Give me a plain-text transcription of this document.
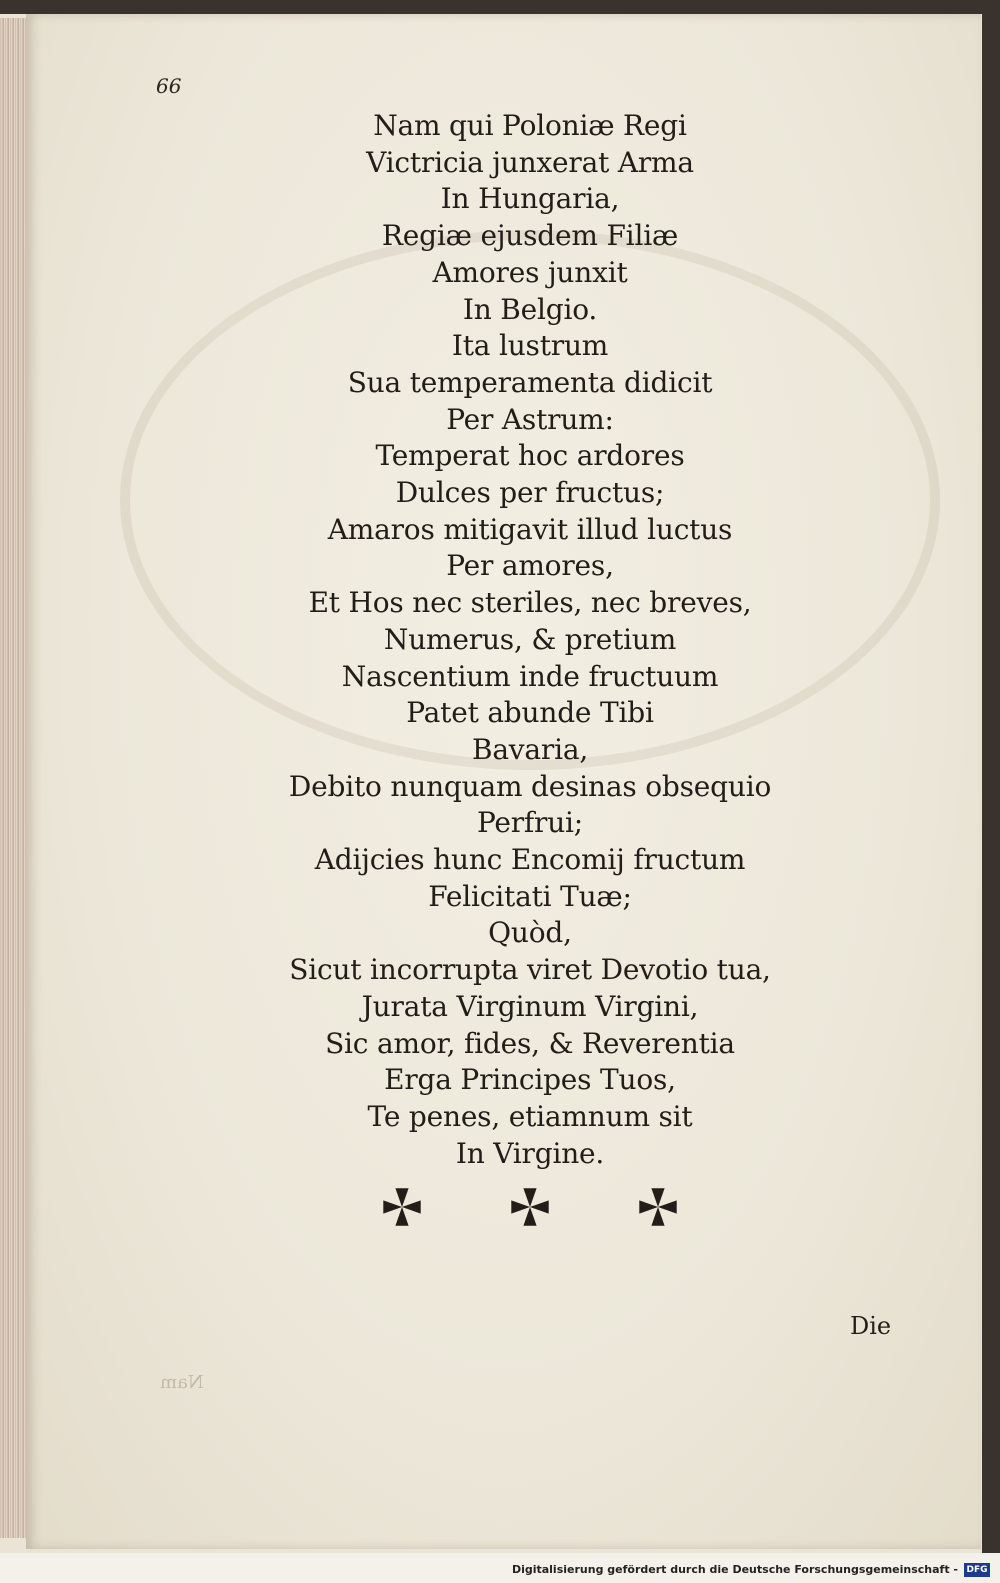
66
Nam qui Poloniæ Regi
Victricia junxerat Arma
In Hungaria,
Regiæ ejusdem Filiæ
Amores junxit
In Belgio.
Ita lustrum
Sua temperamenta didicit
Per Astrum:
Temperat hoc ardores
Dulces per fructus;
Amaros mitigavit illud luctus
Per amores,
Et Hos nec steriles, nec breves,
Numerus, & pretium
Nascentium inde fructuum
Patet abunde Tibi
Bavaria,
Debito nunquam desinas obsequio
Perfrui;
Adijcies hunc Encomij fructum
Felicitati Tuæ;
Quòd,
Sicut incorrupta viret Devotio tua,
Jurata Virginum Virgini,
Sic amor, fides, & Reverentia
Erga Principes Tuos,
Te penes, etiamnum sit
In Virgine.
Die
Nam
Digitalisierung gefördert durch die Deutsche Forschungsgemeinschaft - DFG
